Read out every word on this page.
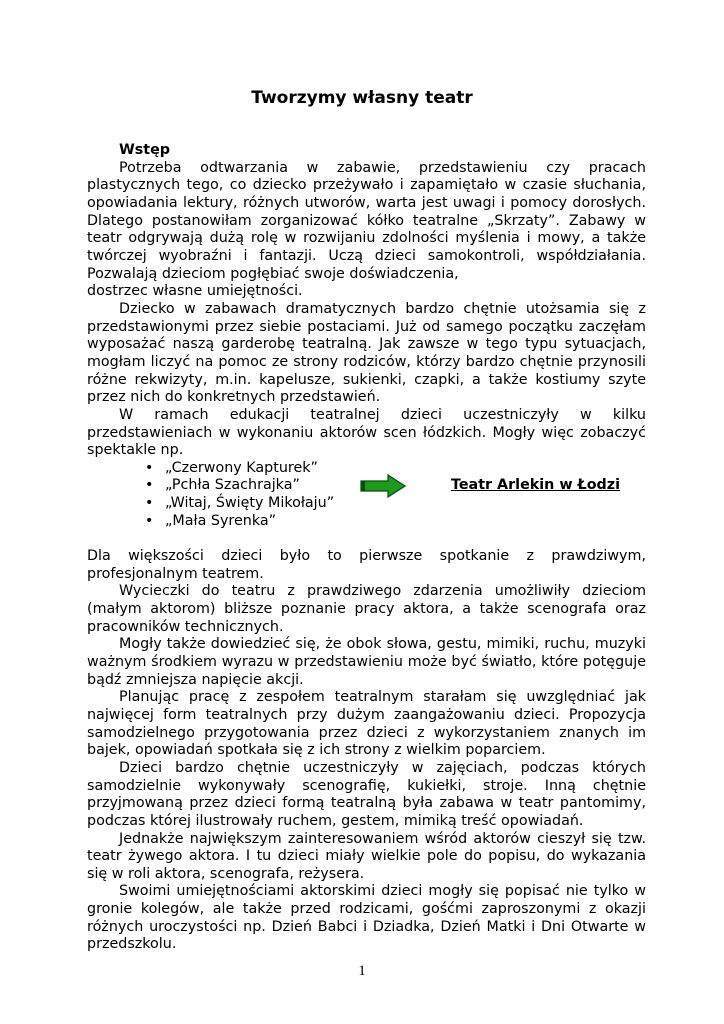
Tworzymy własny teatr
Wstęp

Potrzeba odtwarzania w zabawie, przedstawieniu czy pracach plastycznych tego, co dziecko przeżywało i zapamiętało w czasie słuchania, opowiadania lektury, różnych utworów, warta jest uwagi i pomocy dorosłych. Dlatego postanowiłam zorganizować kółko teatralne „Skrzaty”. Zabawy w teatr odgrywają dużą rolę w rozwijaniu zdolności myślenia i mowy, a także twórczej wyobraźni i fantazji. Uczą dzieci samokontroli, współdziałania. Pozwalają dzieciom pogłębiać swoje doświadczenia,

dostrzec własne umiejętności.

Dziecko w zabawach dramatycznych bardzo chętnie utożsamia się z przedstawionymi przez siebie postaciami. Już od samego początku zaczęłam wyposażać naszą garderobę teatralną. Jak zawsze w tego typu sytuacjach, mogłam liczyć na pomoc ze strony rodziców, którzy bardzo chętnie przynosili różne rekwizyty, m.in. kapelusze, sukienki, czapki, a także kostiumy szyte przez nich do konkretnych przedstawień.

W ramach edukacji teatralnej dzieci uczestniczyły w kilku przedstawieniach w wykonaniu aktorów scen łódzkich. Mogły więc zobaczyć spektakle np.

• „Czerwony Kapturek”
• „Pchła Szachrajka”
• „Witaj, Święty Mikołaju”
• „Mała Syrenka”
Teatr Arlekin w Łodzi

Dla większości dzieci było to pierwsze spotkanie z prawdziwym, profesjonalnym teatrem.

Wycieczki do teatru z prawdziwego zdarzenia umożliwiły dzieciom (małym aktorom) bliższe poznanie pracy aktora, a także scenografa oraz pracowników technicznych.

Mogły także dowiedzieć się, że obok słowa, gestu, mimiki, ruchu, muzyki ważnym środkiem wyrazu w przedstawieniu może być światło, które potęguje bądź zmniejsza napięcie akcji.

Planując pracę z zespołem teatralnym starałam się uwzględniać jak najwięcej form teatralnych przy dużym zaangażowaniu dzieci. Propozycja samodzielnego przygotowania przez dzieci z wykorzystaniem znanych im bajek, opowiadań spotkała się z ich strony z wielkim poparciem.

Dzieci bardzo chętnie uczestniczyły w zajęciach, podczas których samodzielnie wykonywały scenografię, kukiełki, stroje. Inną chętnie przyjmowaną przez dzieci formą teatralną była zabawa w teatr pantomimy, podczas której ilustrowały ruchem, gestem, mimiką treść opowiadań.

Jednakże największym zainteresowaniem wśród aktorów cieszył się tzw. teatr żywego aktora. I tu dzieci miały wielkie pole do popisu, do wykazania się w roli aktora, scenografa, reżysera.

Swoimi umiejętnościami aktorskimi dzieci mogły się popisać nie tylko w gronie kolegów, ale także przed rodzicami, gośćmi zaproszonymi z okazji różnych uroczystości np. Dzień Babci i Dziadka, Dzień Matki i Dni Otwarte w przedszkolu.

1
